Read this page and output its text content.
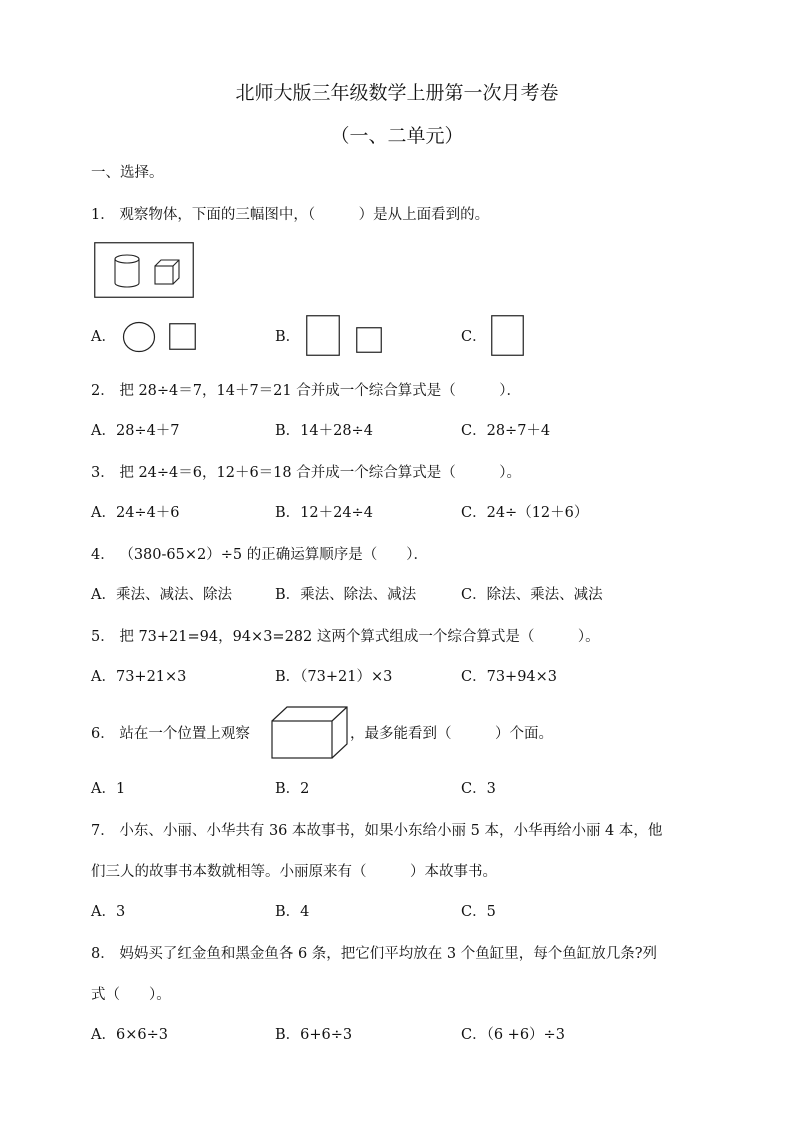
北师大版三年级数学上册第一次月考卷
（一、二单元）
一、选择。
1． 观察物体，下面的三幅图中，（　　　）是从上面看到的。
A．	B．	C．
2． 把 28÷4＝7，14＋7＝21 合并成一个综合算式是（　　　）．
A．28÷4＋7	B．14＋28÷4	C．28÷7＋4
3． 把 24÷4＝6，12＋6＝18 合并成一个综合算式是（　　　）。
A．24÷4＋6	B．12＋24÷4	C．24÷（12＋6）
4． （380-65×2）÷5 的正确运算顺序是（　　）．
A．乘法、减法、除法	B．乘法、除法、减法	C．除法、乘法、减法
5． 把 73+21=94，94×3=282 这两个算式组成一个综合算式是（　　　）。
A．73+21×3	B．（73+21）×3	C．73+94×3
6． 站在一个位置上观察	，最多能看到（　　　）个面。
A．1	B．2	C．3
7． 小东、小丽、小华共有 36 本故事书，如果小东给小丽 5 本，小华再给小丽 4 本，他
们三人的故事书本数就相等。小丽原来有（　　　）本故事书。
A．3	B．4	C．5
8． 妈妈买了红金鱼和黑金鱼各 6 条，把它们平均放在 3 个鱼缸里，每个鱼缸放几条?列
式（　　）。
A．6×6÷3	B．6+6÷3	C．（6 +6）÷3
